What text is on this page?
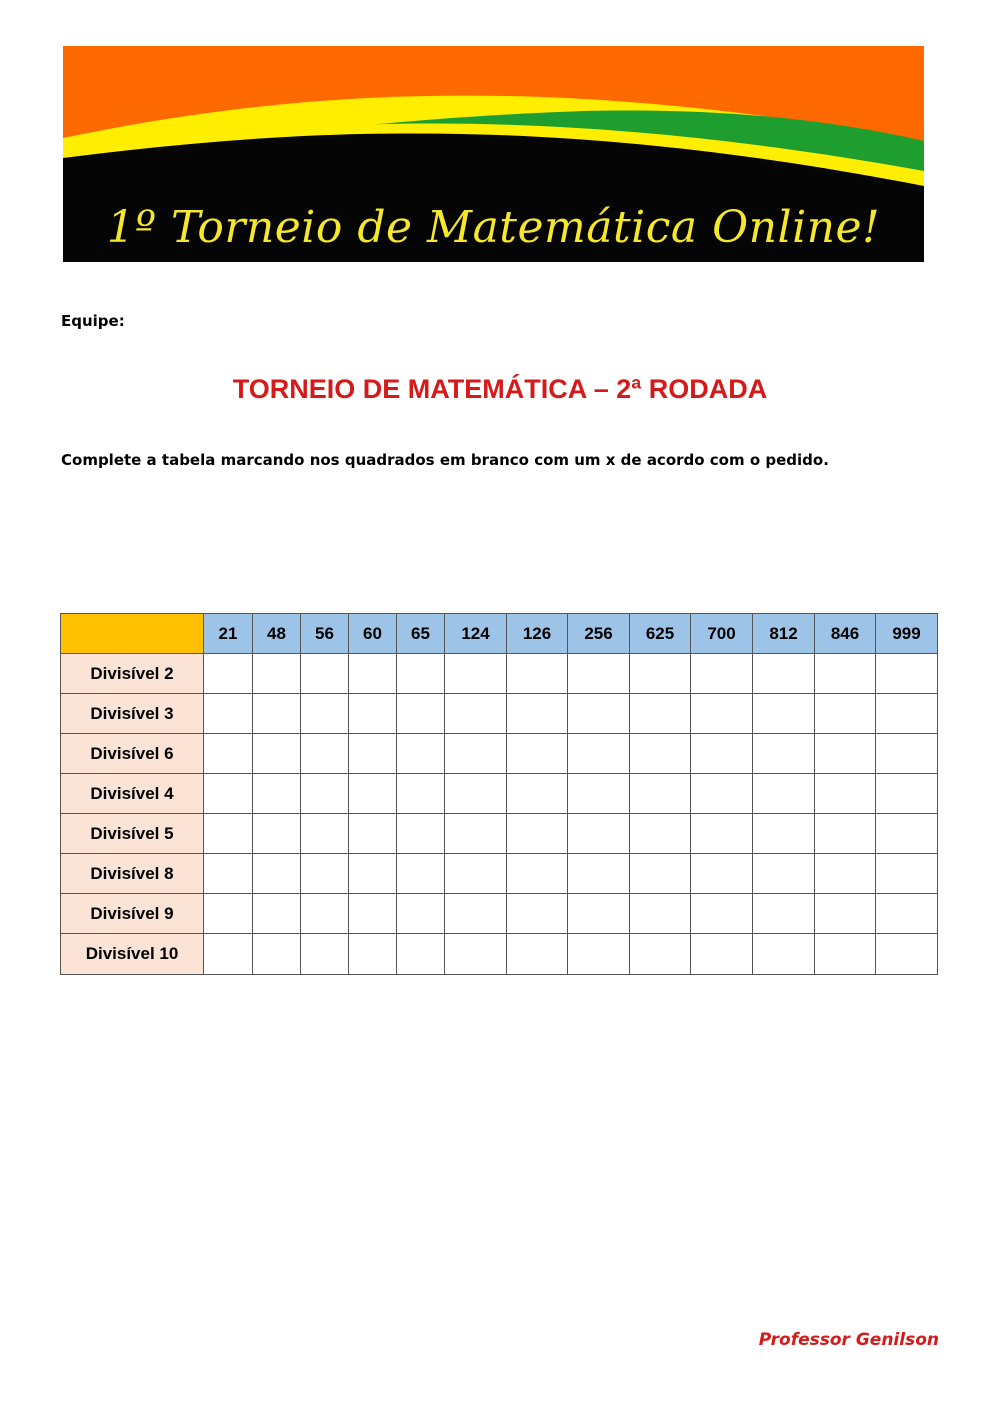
1º Torneio de Matemática Online!
Equipe:
TORNEIO DE MATEMÁTICA – 2ª RODADA
Complete a tabela marcando nos quadrados em branco com um x de acordo com o pedido.
	21	48	56	60	65	124	126	256	625	700	812	846	999
Divisível 2													
Divisível 3													
Divisível 6													
Divisível 4													
Divisível 5													
Divisível 8													
Divisível 9													
Divisível 10													
Professor Genilson
